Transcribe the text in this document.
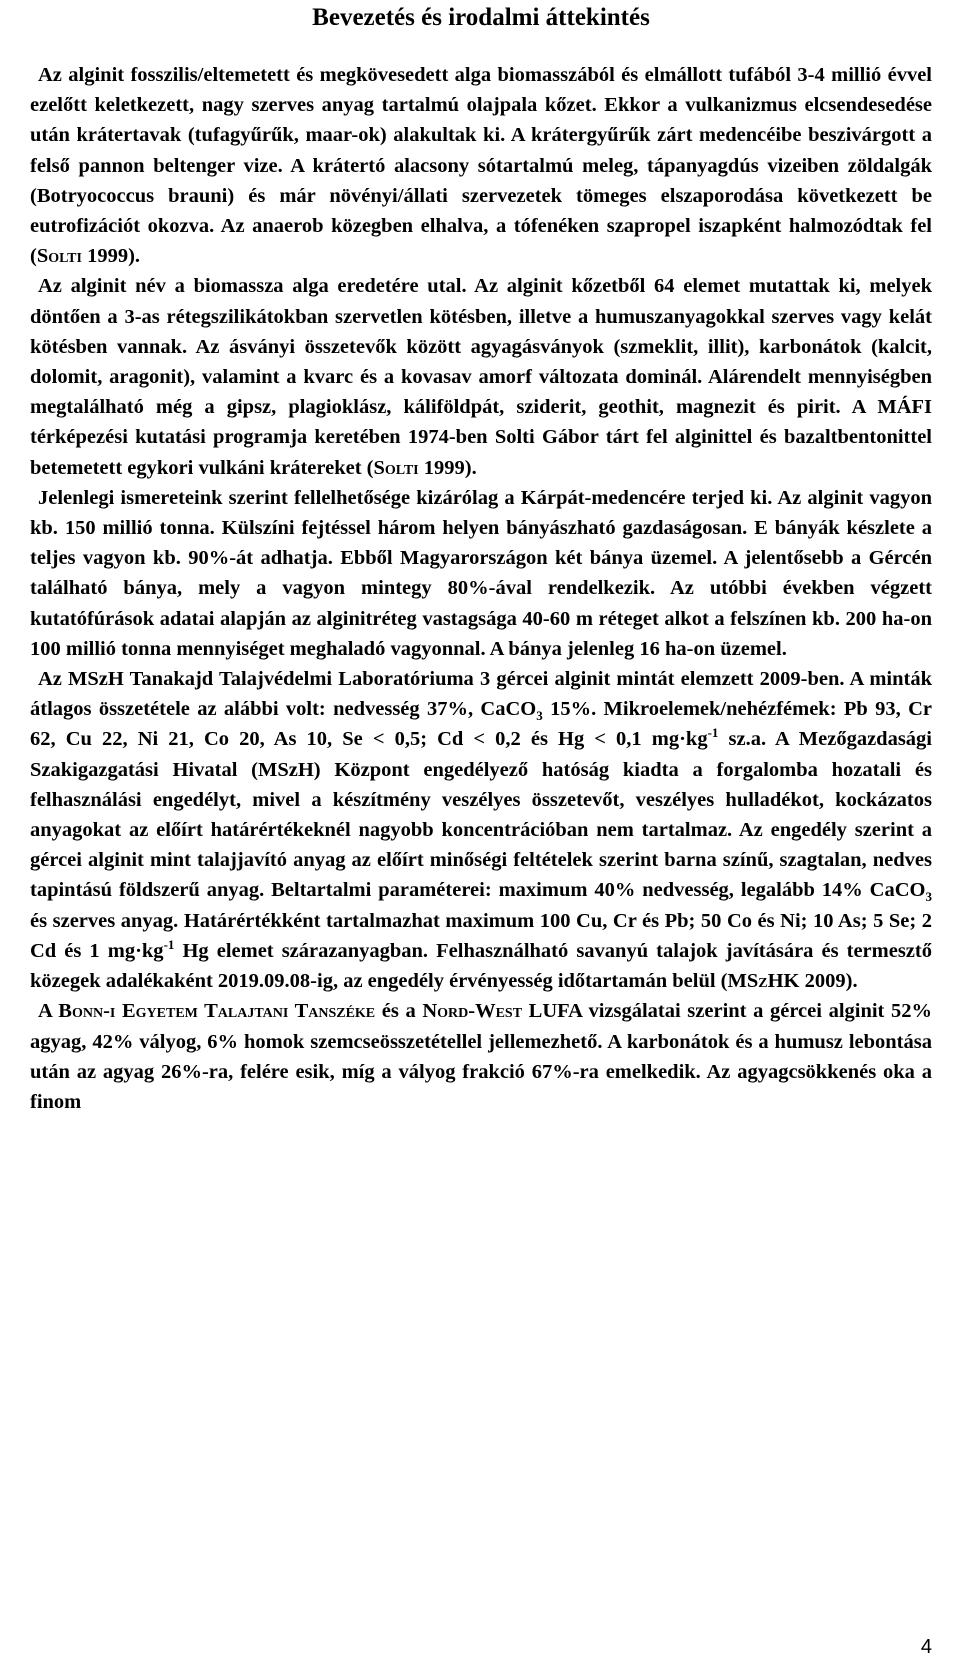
Bevezetés és irodalmi áttekintés

Az alginit fosszilis/eltemetett és megkövesedett alga biomasszából és elmállott tufából 3-4 millió évvel ezelőtt keletkezett, nagy szerves anyag tartalmú olajpala kőzet. Ekkor a vulkanizmus elcsendesedése után krátertavak (tufagyűrűk, maar-ok) alakultak ki. A krátergyűrűk zárt medencéibe beszivárgott a felső pannon beltenger vize. A krátertó alacsony sótartalmú meleg, tápanyagdús vizeiben zöldalgák (Botryococcus brauni) és már növényi/állati szervezetek tömeges elszaporodása következett be eutrofizációt okozva. Az anaerob közegben elhalva, a tófenéken szapropel iszapként halmozódtak fel (Solti 1999).

Az alginit név a biomassza alga eredetére utal. Az alginit kőzetből 64 elemet mutattak ki, melyek döntően a 3-as rétegszilikátokban szervetlen kötésben, illetve a humuszanyagokkal szerves vagy kelát kötésben vannak. Az ásványi összetevők között agyagásványok (szmeklit, illit), karbonátok (kalcit, dolomit, aragonit), valamint a kvarc és a kovasav amorf változata dominál. Alárendelt mennyiségben megtalálható még a gipsz, plagioklász, káliföldpát, sziderit, geothit, magnezit és pirit. A MÁFI térképezési kutatási programja keretében 1974-ben Solti Gábor tárt fel alginittel és bazaltbentonittel betemetett egykori vulkáni krátereket (Solti 1999).

Jelenlegi ismereteink szerint fellelhetősége kizárólag a Kárpát-medencére terjed ki. Az alginit vagyon kb. 150 millió tonna. Külszíni fejtéssel három helyen bányászható gazdaságosan. E bányák készlete a teljes vagyon kb. 90%-át adhatja. Ebből Magyarországon két bánya üzemel. A jelentősebb a Gércén található bánya, mely a vagyon mintegy 80%-ával rendelkezik. Az utóbbi években végzett kutatófúrások adatai alapján az alginitréteg vastagsága 40-60 m réteget alkot a felszínen kb. 200 ha-on 100 millió tonna mennyiséget meghaladó vagyonnal. A bánya jelenleg 16 ha-on üzemel.

Az MSzH Tanakajd Talajvédelmi Laboratóriuma 3 gércei alginit mintát elemzett 2009-ben. A minták átlagos összetétele az alábbi volt: nedvesség 37%, CaCO$_3$ 15%. Mikroelemek/nehézfémek: Pb 93, Cr 62, Cu 22, Ni 21, Co 20, As 10, Se < 0,5; Cd < 0,2 és Hg < 0,1 $mg\cdot kg^{-1}$ sz.a. A Mezőgazdasági Szakigazgatási Hivatal (MSzH) Központ engedélyező hatóság kiadta a forgalomba hozatali és felhasználási engedélyt, mivel a készítmény veszélyes összetevőt, veszélyes hulladékot, kockázatos anyagokat az előírt határértékeknél nagyobb koncentrációban nem tartalmaz. Az engedély szerint a gércei alginit mint talajjavító anyag az előírt minőségi feltételek szerint barna színű, szagtalan, nedves tapintású földszerű anyag. Beltartalmi paraméterei: maximum 40% nedvesség, legalább 14% CaCO$_3$ és szerves anyag. Határértékként tartalmazhat maximum 100 Cu, Cr és Pb; 50 Co és Ni; 10 As; 5 Se; 2 Cd és 1 $mg\cdot kg^{-1}$ Hg elemet szárazanyagban. Felhasználható savanyú talajok javítására és termesztő közegek adalékaként 2019.09.08-ig, az engedély érvényesség időtartamán belül (MSzHK 2009).

A Bonn-i Egyetem Talajtani Tanszéke és a Nord-West LUFA vizsgálatai szerint a gércei alginit 52% agyag, 42% vályog, 6% homok szemcseösszetétellel jellemezhető. A karbonátok és a humusz lebontása után az agyag 26%-ra, felére esik, míg a vályog frakció 67%-ra emelkedik. Az agyagcsökkenés oka a finom

4
